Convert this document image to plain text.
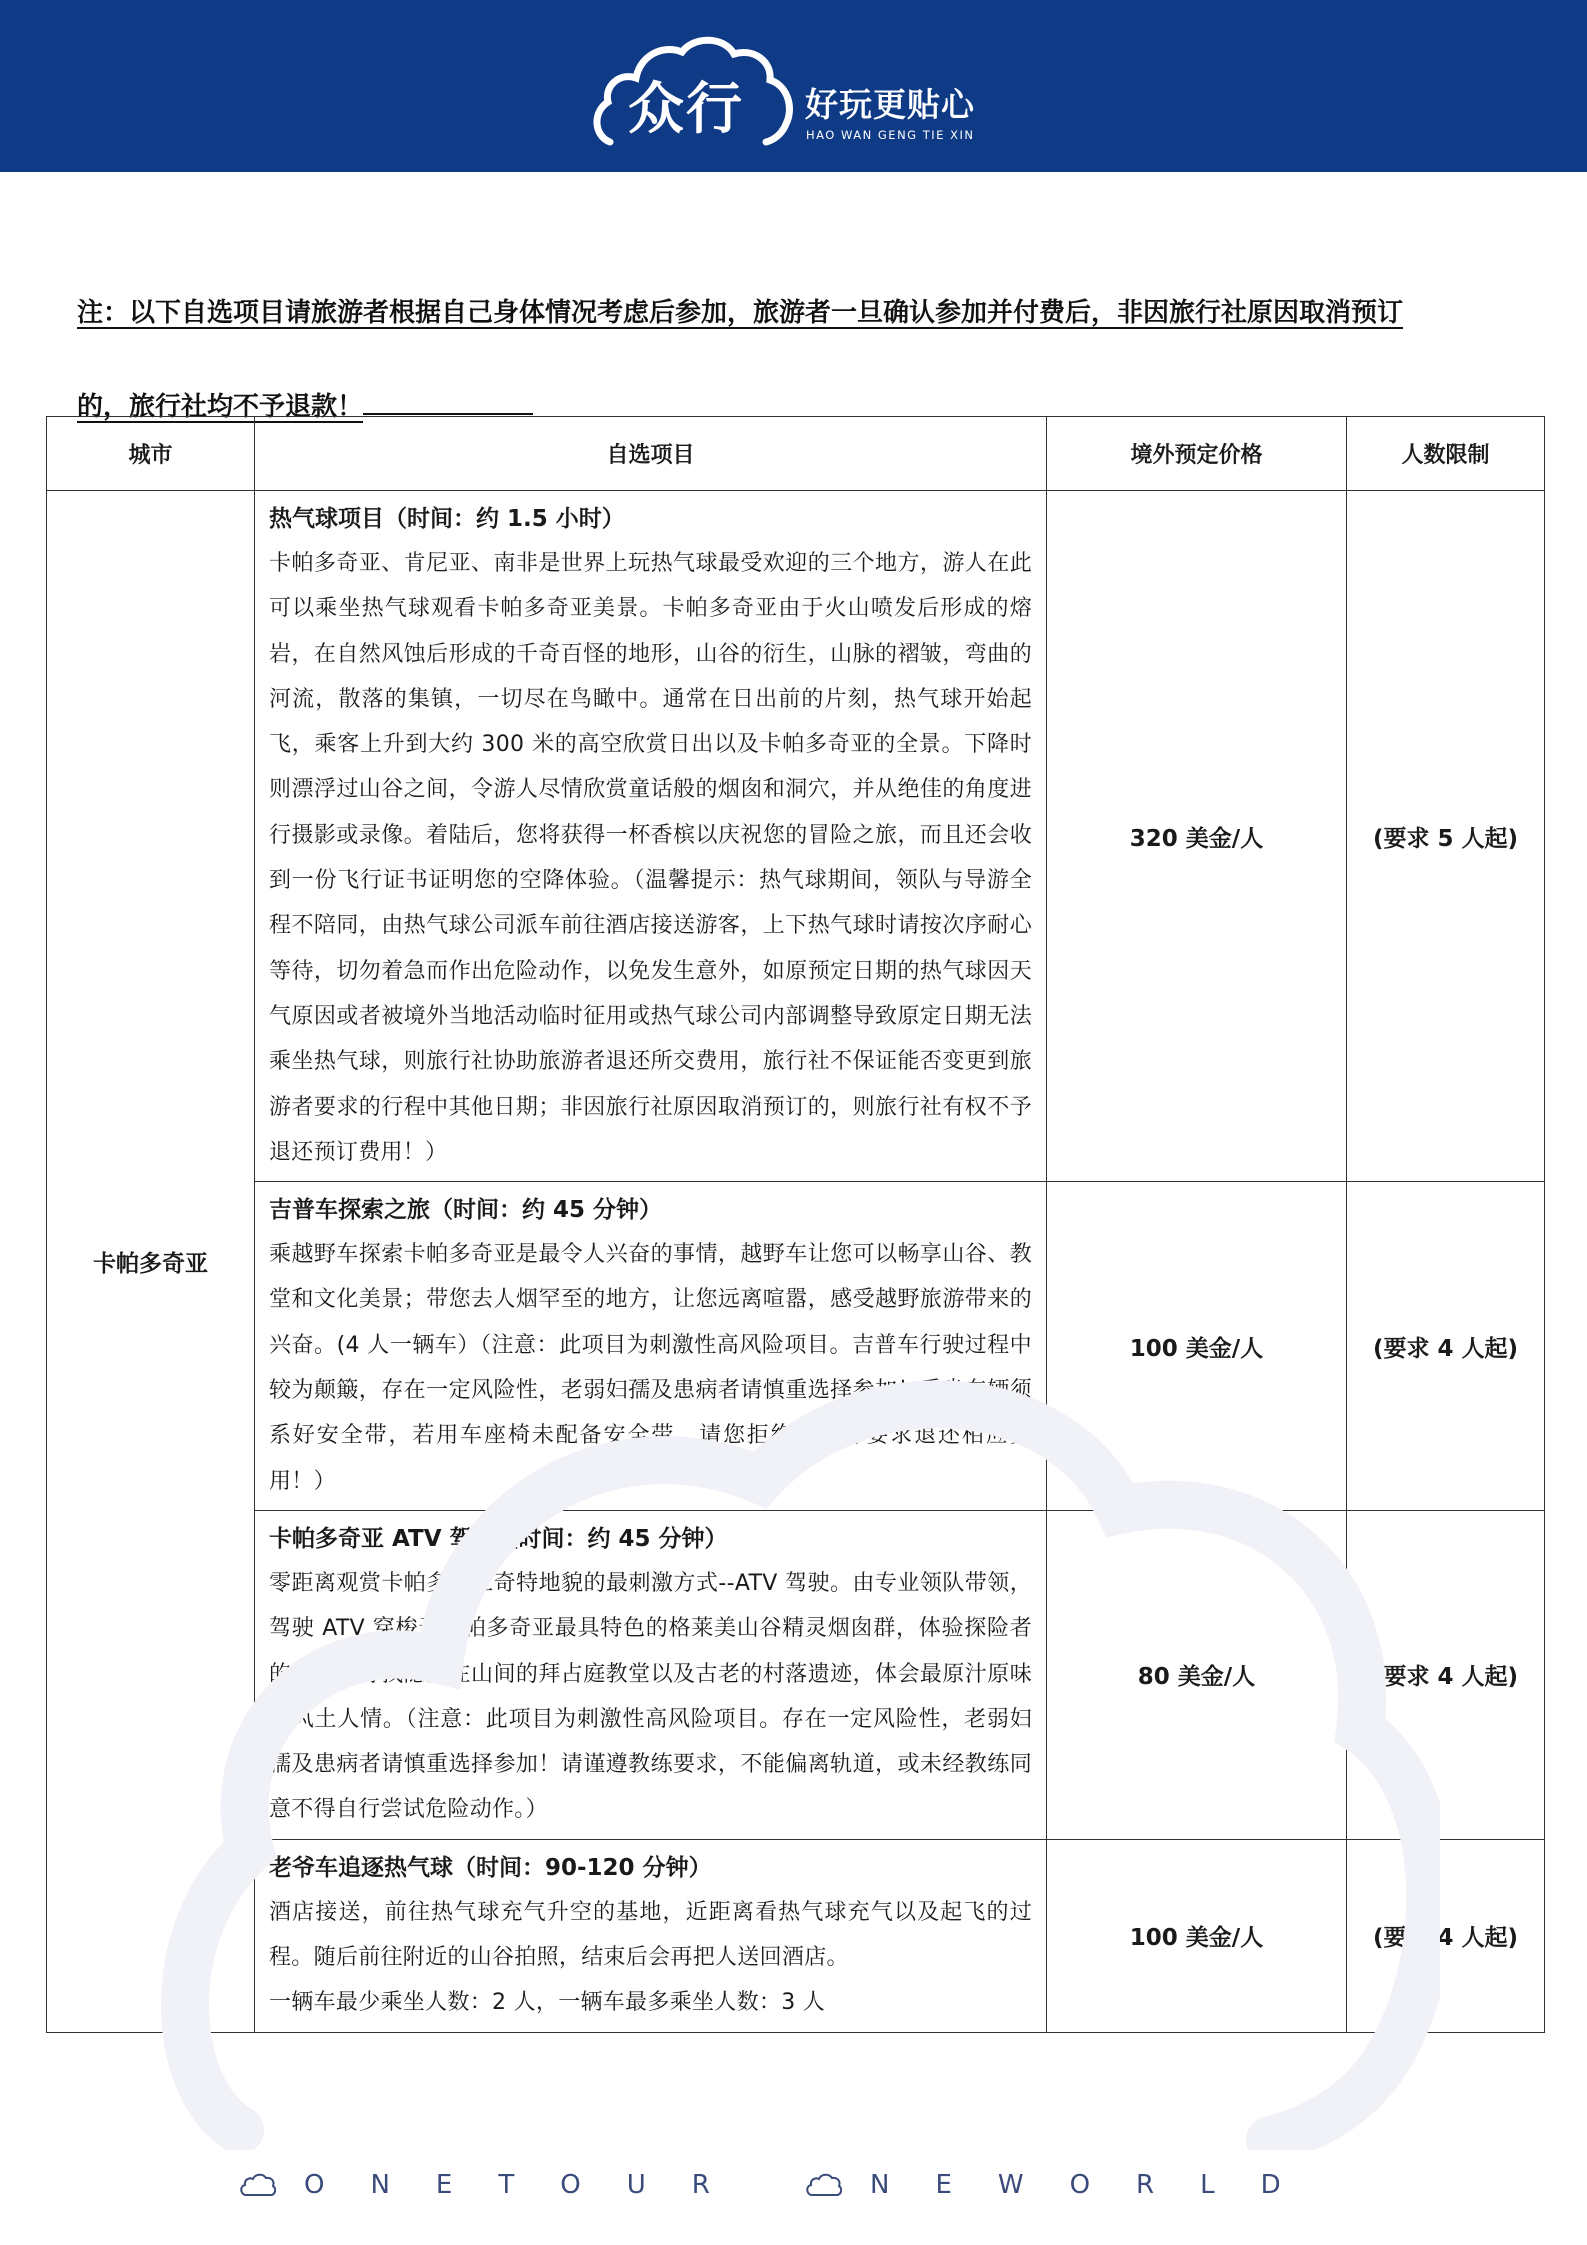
众行 好玩更贴心
HAO WAN GENG TIE XIN
注：以下自选项目请旅游者根据自己身体情况考虑后参加，旅游者一旦确认参加并付费后，非因旅行社原因取消预订
的，旅行社均不予退款！
城市	自选项目	境外预定价格	人数限制
卡帕多奇亚	热气球项目（时间：约 1.5 小时）
卡帕多奇亚、肯尼亚、南非是世界上玩热气球最受欢迎的三个地方，游人在此可以乘坐热气球观看卡帕多奇亚美景。卡帕多奇亚由于火山喷发后形成的熔岩，在自然风蚀后形成的千奇百怪的地形，山谷的衍生，山脉的褶皱，弯曲的河流，散落的集镇，一切尽在鸟瞰中。通常在日出前的片刻，热气球开始起飞，乘客上升到大约 300 米的高空欣赏日出以及卡帕多奇亚的全景。下降时则漂浮过山谷之间，令游人尽情欣赏童话般的烟囱和洞穴，并从绝佳的角度进行摄影或录像。着陆后，您将获得一杯香槟以庆祝您的冒险之旅，而且还会收到一份飞行证书证明您的空降体验。（温馨提示：热气球期间，领队与导游全程不陪同，由热气球公司派车前往酒店接送游客，上下热气球时请按次序耐心等待，切勿着急而作出危险动作，以免发生意外，如原预定日期的热气球因天气原因或者被境外当地活动临时征用或热气球公司内部调整导致原定日期无法乘坐热气球，则旅行社协助旅游者退还所交费用，旅行社不保证能否变更到旅游者要求的行程中其他日期；非因旅行社原因取消预订的，则旅行社有权不予退还预订费用！）	320 美金/人	(要求 5 人起)

	吉普车探索之旅（时间：约 45 分钟）
乘越野车探索卡帕多奇亚是最令人兴奋的事情，越野车让您可以畅享山谷、教堂和文化美景；带您去人烟罕至的地方，让您远离喧嚣，感受越野旅游带来的兴奋。(4 人一辆车）（注意：此项目为刺激性高风险项目。吉普车行驶过程中较为颠簸，存在一定风险性，老弱妇孺及患病者请慎重选择参加！乘坐车辆须系好安全带，若用车座椅未配备安全带，请您拒绝上车并要求退还相应费用！）	100 美金/人	(要求 4 人起)

	卡帕多奇亚 ATV 驾驶（时间：约 45 分钟）
零距离观赏卡帕多奇亚奇特地貌的最刺激方式--ATV 驾驶。由专业领队带领，驾驶 ATV 穿梭于卡帕多奇亚最具特色的格莱美山谷精灵烟囱群，体验探险者的乐趣，寻找隐藏在山间的拜占庭教堂以及古老的村落遗迹，体会最原汁原味的风土人情。（注意：此项目为刺激性高风险项目。存在一定风险性，老弱妇孺及患病者请慎重选择参加！请谨遵教练要求，不能偏离轨道，或未经教练同意不得自行尝试危险动作。）	80 美金/人	(要求 4 人起)

	老爷车追逐热气球（时间：90-120 分钟）
酒店接送，前往热气球充气升空的基地，近距离看热气球充气以及起飞的过程。随后前往附近的山谷拍照，结束后会再把人送回酒店。
一辆车最少乘坐人数：2 人，一辆车最多乘坐人数：3 人	100 美金/人	(要求 4 人起)
ONETOUR	NEWORLD
